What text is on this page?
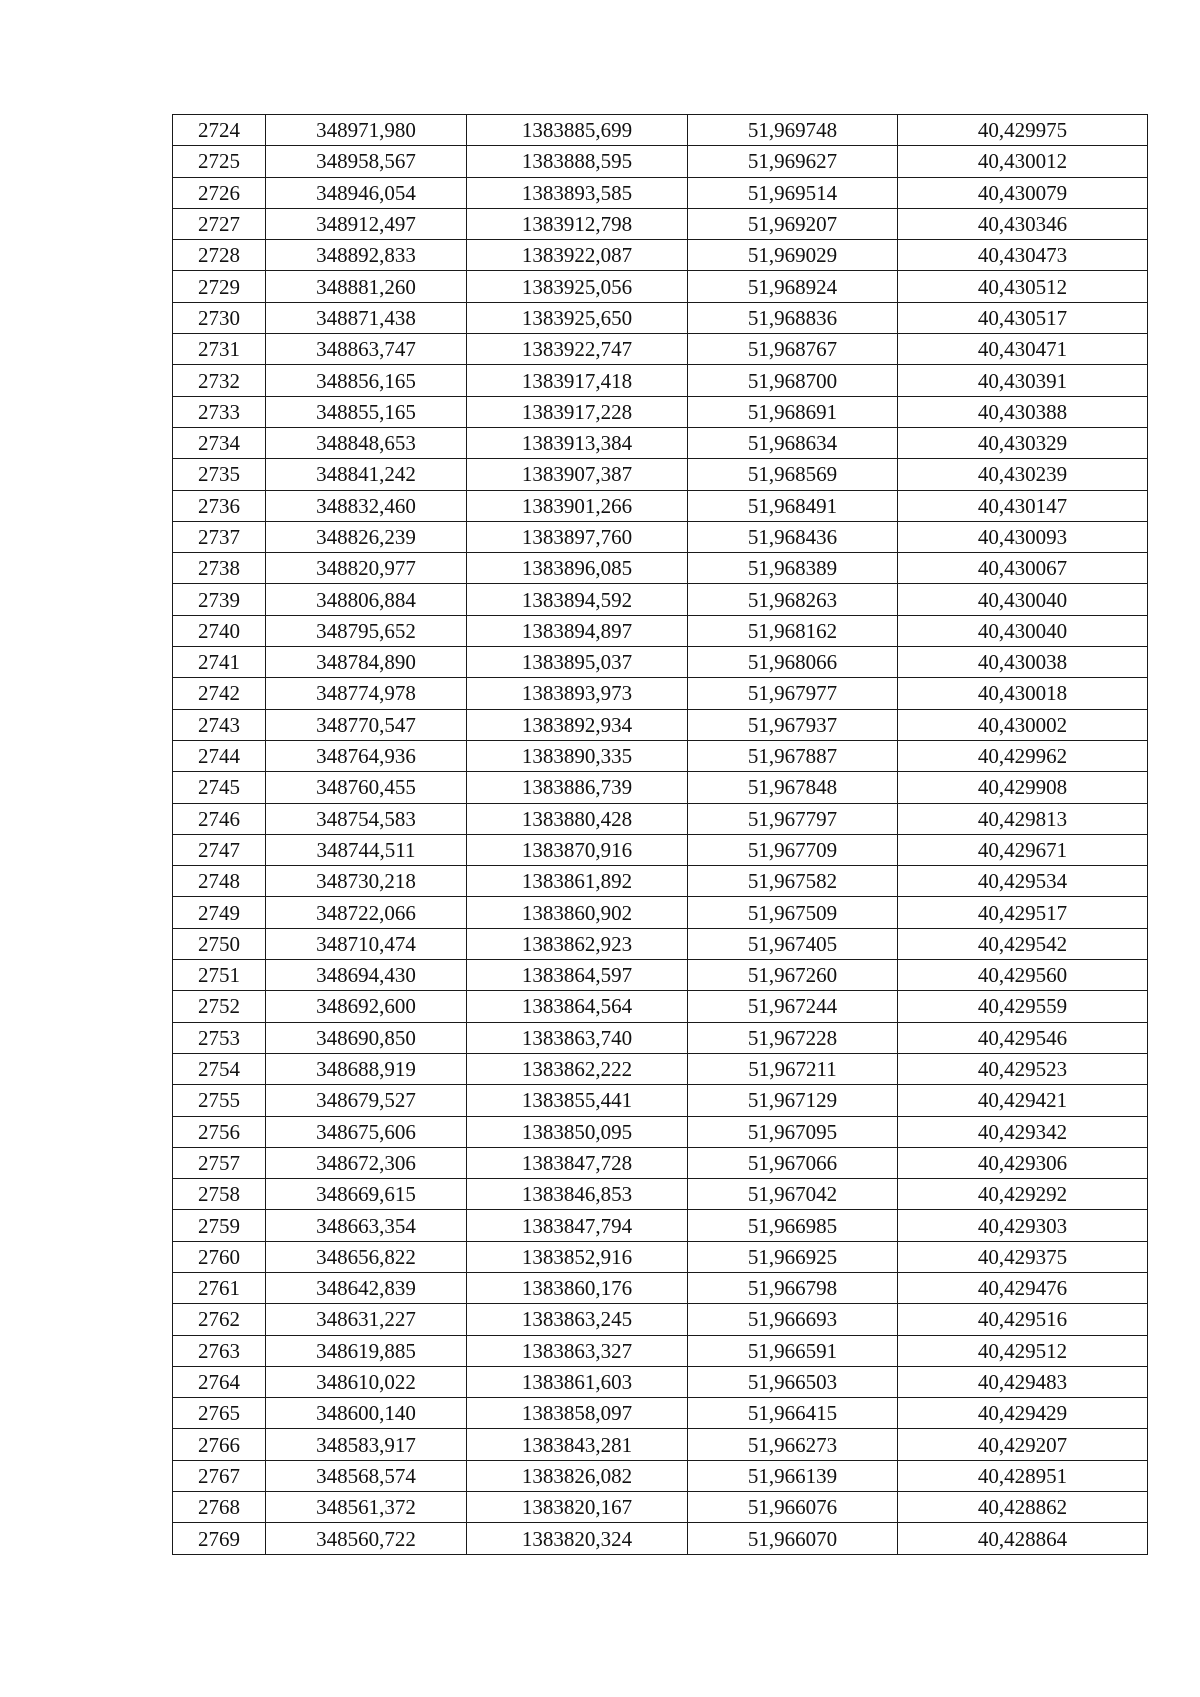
2724	348971,980	1383885,699	51,969748	40,429975
2725	348958,567	1383888,595	51,969627	40,430012
2726	348946,054	1383893,585	51,969514	40,430079
2727	348912,497	1383912,798	51,969207	40,430346
2728	348892,833	1383922,087	51,969029	40,430473
2729	348881,260	1383925,056	51,968924	40,430512
2730	348871,438	1383925,650	51,968836	40,430517
2731	348863,747	1383922,747	51,968767	40,430471
2732	348856,165	1383917,418	51,968700	40,430391
2733	348855,165	1383917,228	51,968691	40,430388
2734	348848,653	1383913,384	51,968634	40,430329
2735	348841,242	1383907,387	51,968569	40,430239
2736	348832,460	1383901,266	51,968491	40,430147
2737	348826,239	1383897,760	51,968436	40,430093
2738	348820,977	1383896,085	51,968389	40,430067
2739	348806,884	1383894,592	51,968263	40,430040
2740	348795,652	1383894,897	51,968162	40,430040
2741	348784,890	1383895,037	51,968066	40,430038
2742	348774,978	1383893,973	51,967977	40,430018
2743	348770,547	1383892,934	51,967937	40,430002
2744	348764,936	1383890,335	51,967887	40,429962
2745	348760,455	1383886,739	51,967848	40,429908
2746	348754,583	1383880,428	51,967797	40,429813
2747	348744,511	1383870,916	51,967709	40,429671
2748	348730,218	1383861,892	51,967582	40,429534
2749	348722,066	1383860,902	51,967509	40,429517
2750	348710,474	1383862,923	51,967405	40,429542
2751	348694,430	1383864,597	51,967260	40,429560
2752	348692,600	1383864,564	51,967244	40,429559
2753	348690,850	1383863,740	51,967228	40,429546
2754	348688,919	1383862,222	51,967211	40,429523
2755	348679,527	1383855,441	51,967129	40,429421
2756	348675,606	1383850,095	51,967095	40,429342
2757	348672,306	1383847,728	51,967066	40,429306
2758	348669,615	1383846,853	51,967042	40,429292
2759	348663,354	1383847,794	51,966985	40,429303
2760	348656,822	1383852,916	51,966925	40,429375
2761	348642,839	1383860,176	51,966798	40,429476
2762	348631,227	1383863,245	51,966693	40,429516
2763	348619,885	1383863,327	51,966591	40,429512
2764	348610,022	1383861,603	51,966503	40,429483
2765	348600,140	1383858,097	51,966415	40,429429
2766	348583,917	1383843,281	51,966273	40,429207
2767	348568,574	1383826,082	51,966139	40,428951
2768	348561,372	1383820,167	51,966076	40,428862
2769	348560,722	1383820,324	51,966070	40,428864
